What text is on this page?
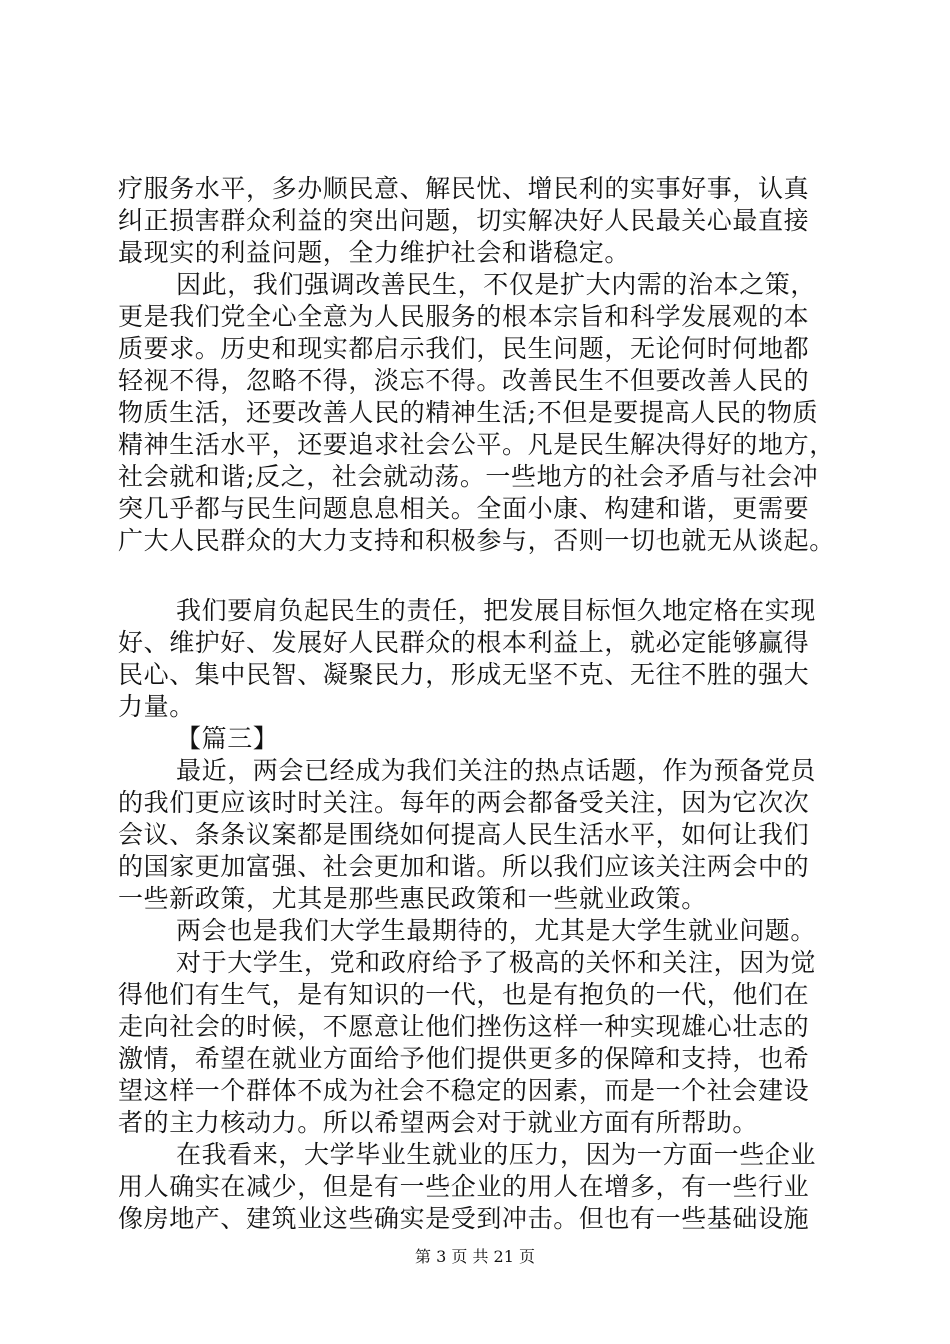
疗服务水平，多办顺民意、解民忧、增民利的实事好事，认真
纠正损害群众利益的突出问题，切实解决好人民最关心最直接
最现实的利益问题，全力维护社会和谐稳定。
因此，我们强调改善民生，不仅是扩大内需的治本之策，
更是我们党全心全意为人民服务的根本宗旨和科学发展观的本
质要求。历史和现实都启示我们，民生问题，无论何时何地都
轻视不得，忽略不得，淡忘不得。改善民生不但要改善人民的
物质生活，还要改善人民的精神生活;不但是要提高人民的物质
精神生活水平，还要追求社会公平。凡是民生解决得好的地方，
社会就和谐;反之，社会就动荡。一些地方的社会矛盾与社会冲
突几乎都与民生问题息息相关。全面小康、构建和谐，更需要
广大人民群众的大力支持和积极参与，否则一切也就无从谈起。
我们要肩负起民生的责任，把发展目标恒久地定格在实现
好、维护好、发展好人民群众的根本利益上，就必定能够赢得
民心、集中民智、凝聚民力，形成无坚不克、无往不胜的强大
力量。
【篇三】
最近，两会已经成为我们关注的热点话题，作为预备党员
的我们更应该时时关注。每年的两会都备受关注，因为它次次
会议、条条议案都是围绕如何提高人民生活水平，如何让我们
的国家更加富强、社会更加和谐。所以我们应该关注两会中的
一些新政策，尤其是那些惠民政策和一些就业政策。
两会也是我们大学生最期待的，尤其是大学生就业问题。
对于大学生，党和政府给予了极高的关怀和关注，因为觉
得他们有生气，是有知识的一代，也是有抱负的一代，他们在
走向社会的时候，不愿意让他们挫伤这样一种实现雄心壮志的
激情，希望在就业方面给予他们提供更多的保障和支持，也希
望这样一个群体不成为社会不稳定的因素，而是一个社会建设
者的主力核动力。所以希望两会对于就业方面有所帮助。
在我看来，大学毕业生就业的压力，因为一方面一些企业
用人确实在减少，但是有一些企业的用人在增多，有一些行业
像房地产、建筑业这些确实是受到冲击。但也有一些基础设施
第 3 页 共 21 页
